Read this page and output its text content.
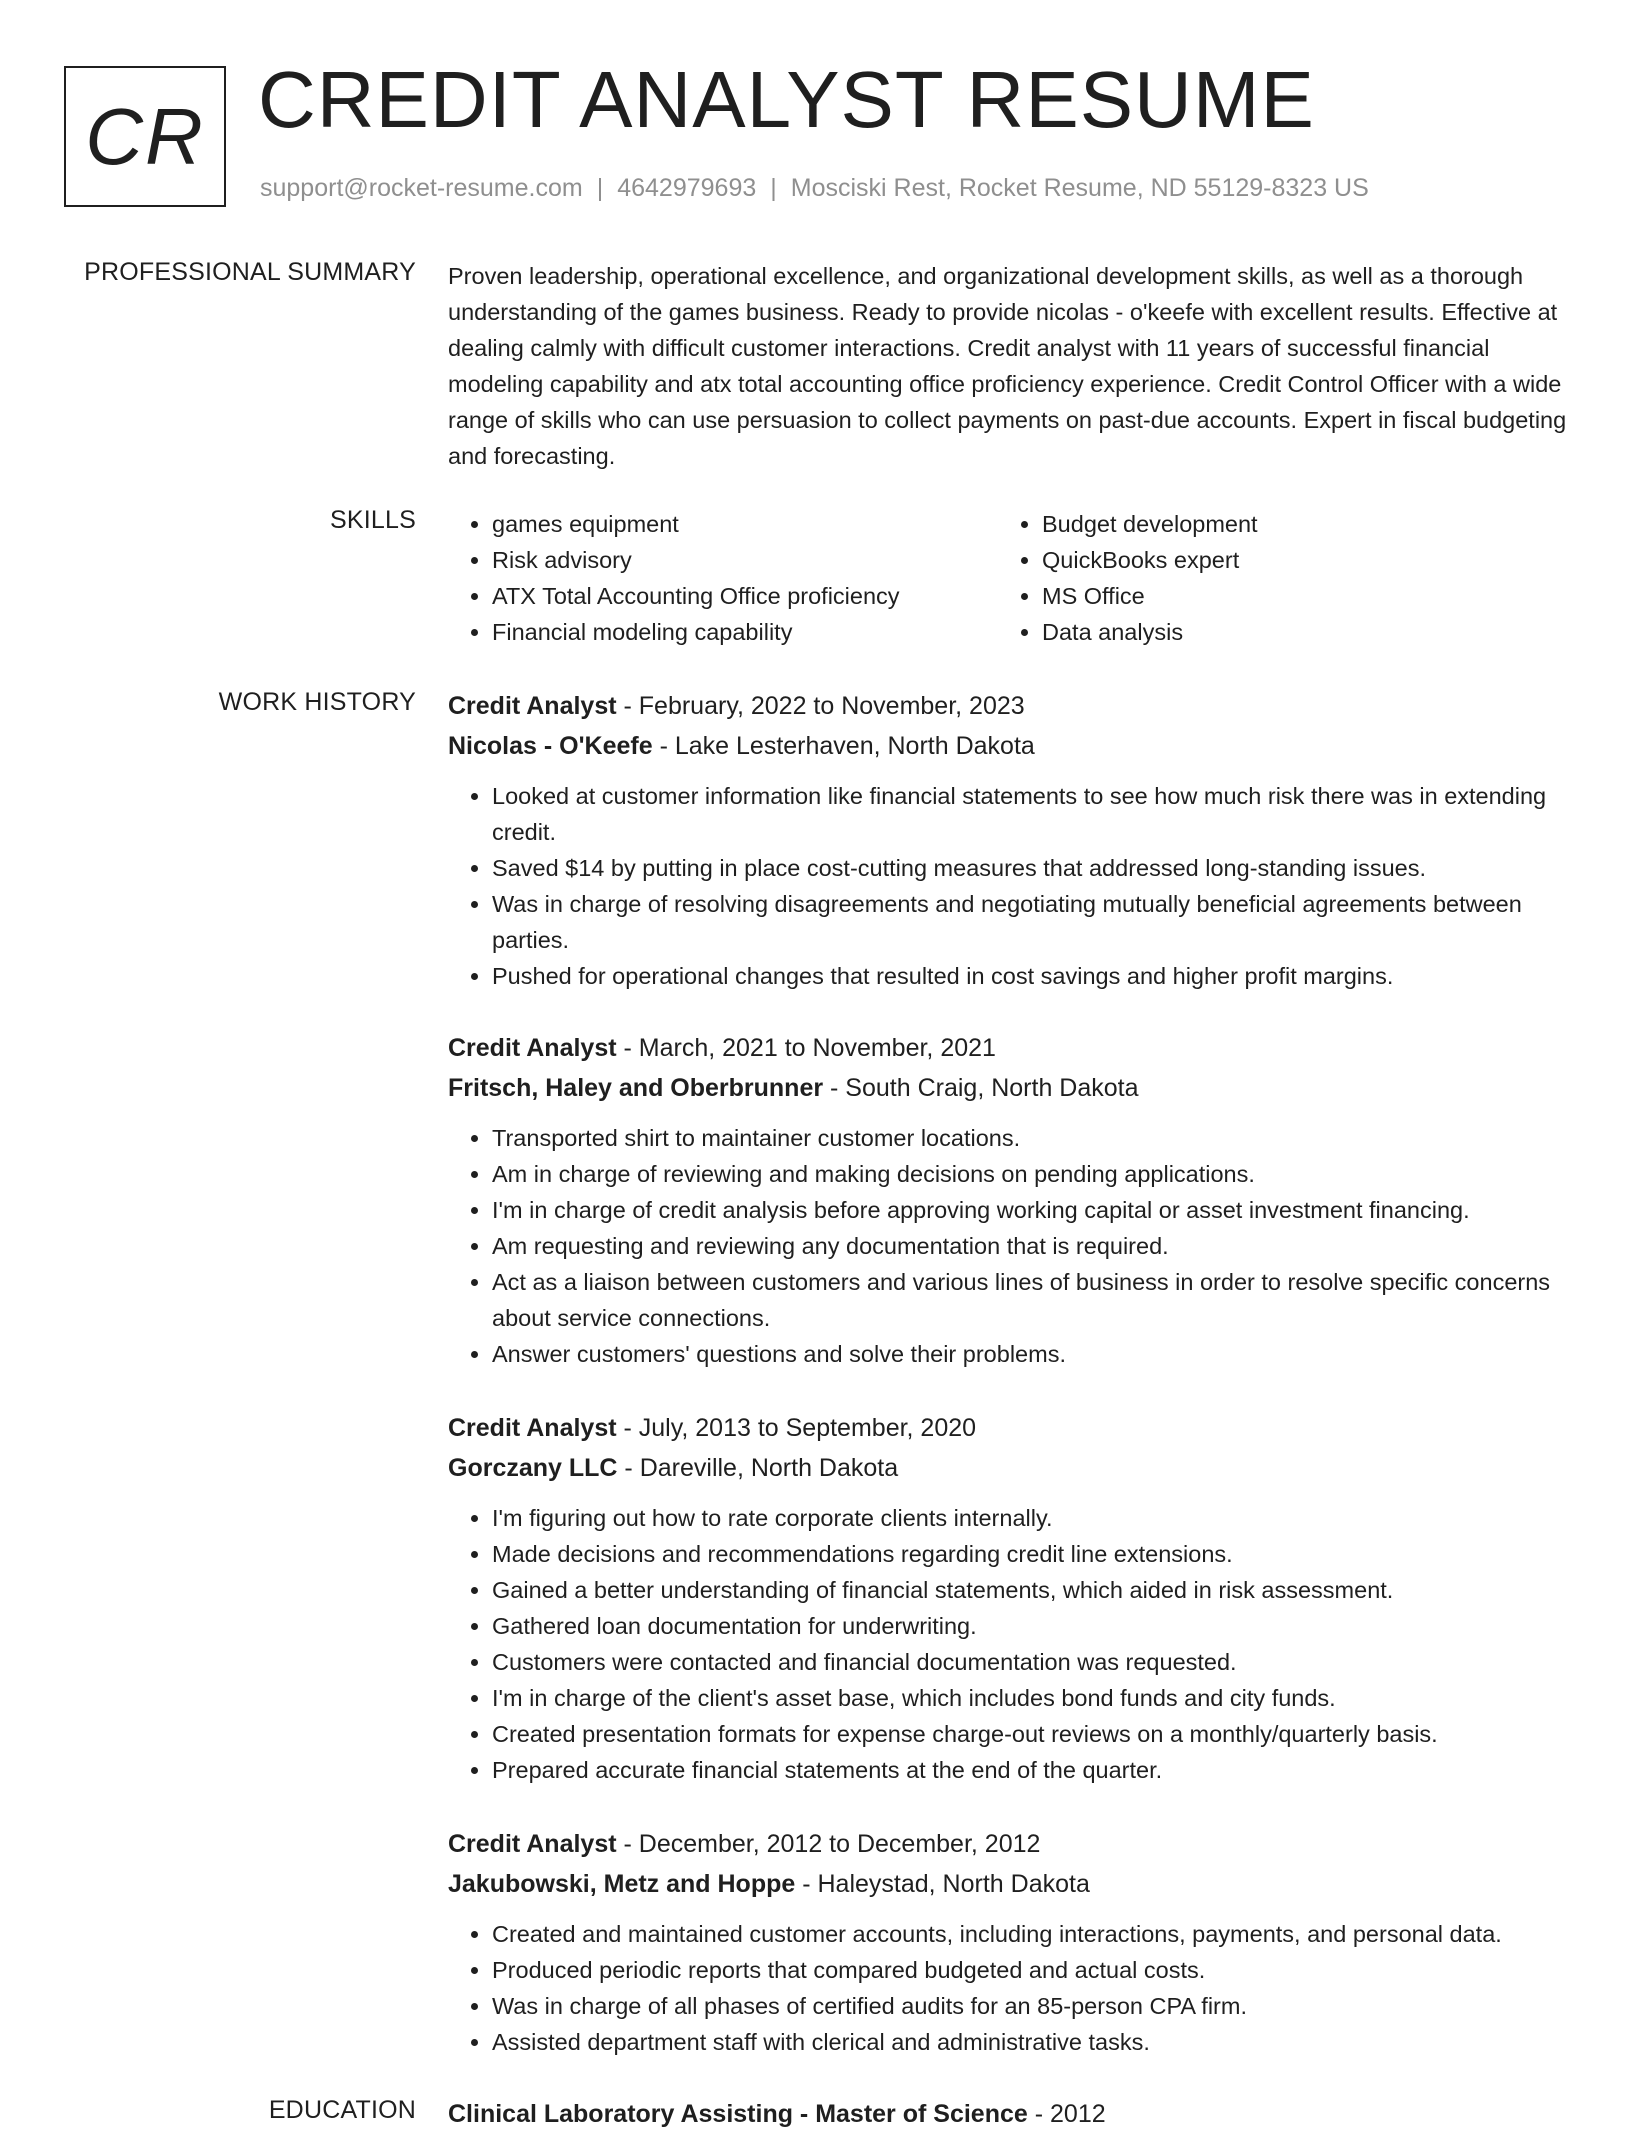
CR CREDIT ANALYST RESUME
support@rocket-resume.com | 4642979693 | Mosciski Rest, Rocket Resume, ND 55129-8323 US
PROFESSIONAL SUMMARY Proven leadership, operational excellence, and organizational development skills, as well as a thorough understanding of the games business. Ready to provide nicolas - o'keefe with excellent results. Effective at dealing calmly with difficult customer interactions. Credit analyst with 11 years of successful financial modeling capability and atx total accounting office proficiency experience. Credit Control Officer with a wide range of skills who can use persuasion to collect payments on past-due accounts. Expert in fiscal budgeting and forecasting.

SKILLS
•	games equipment
• Risk advisory
• ATX Total Accounting Office proficiency
• Financial modeling capability
• Budget development
• QuickBooks expert
• MS Office
• Data analysis
WORK HISTORY Credit Analyst - February, 2022 to November, 2023
Nicolas - O'Keefe - Lake Lesterhaven, North Dakota
• Looked at customer information like financial statements to see how much risk there was in extending credit.
• Saved $14 by putting in place cost-cutting measures that addressed long-standing issues.
• Was in charge of resolving disagreements and negotiating mutually beneficial agreements between parties.
• Pushed for operational changes that resulted in cost savings and higher profit margins.
Credit Analyst - March, 2021 to November, 2021
Fritsch, Haley and Oberbrunner - South Craig, North Dakota
• Transported shirt to maintainer customer locations.
• Am in charge of reviewing and making decisions on pending applications.
• I'm in charge of credit analysis before approving working capital or asset investment financing.
• Am requesting and reviewing any documentation that is required.
• Act as a liaison between customers and various lines of business in order to resolve specific concerns about service connections.
• Answer customers' questions and solve their problems.
Credit Analyst - July, 2013 to September, 2020
Gorczany LLC - Dareville, North Dakota
• I'm figuring out how to rate corporate clients internally.
• Made decisions and recommendations regarding credit line extensions.
• Gained a better understanding of financial statements, which aided in risk assessment.
• Gathered loan documentation for underwriting.
• Customers were contacted and financial documentation was requested.
• I'm in charge of the client's asset base, which includes bond funds and city funds.
• Created presentation formats for expense charge-out reviews on a monthly/quarterly basis.
• Prepared accurate financial statements at the end of the quarter.
Credit Analyst - December, 2012 to December, 2012
Jakubowski, Metz and Hoppe - Haleystad, North Dakota
• Created and maintained customer accounts, including interactions, payments, and personal data.
• Produced periodic reports that compared budgeted and actual costs.
• Was in charge of all phases of certified audits for an 85-person CPA firm.
• Assisted department staff with clerical and administrative tasks.
EDUCATION Clinical Laboratory Assisting - Master of Science - 2012
